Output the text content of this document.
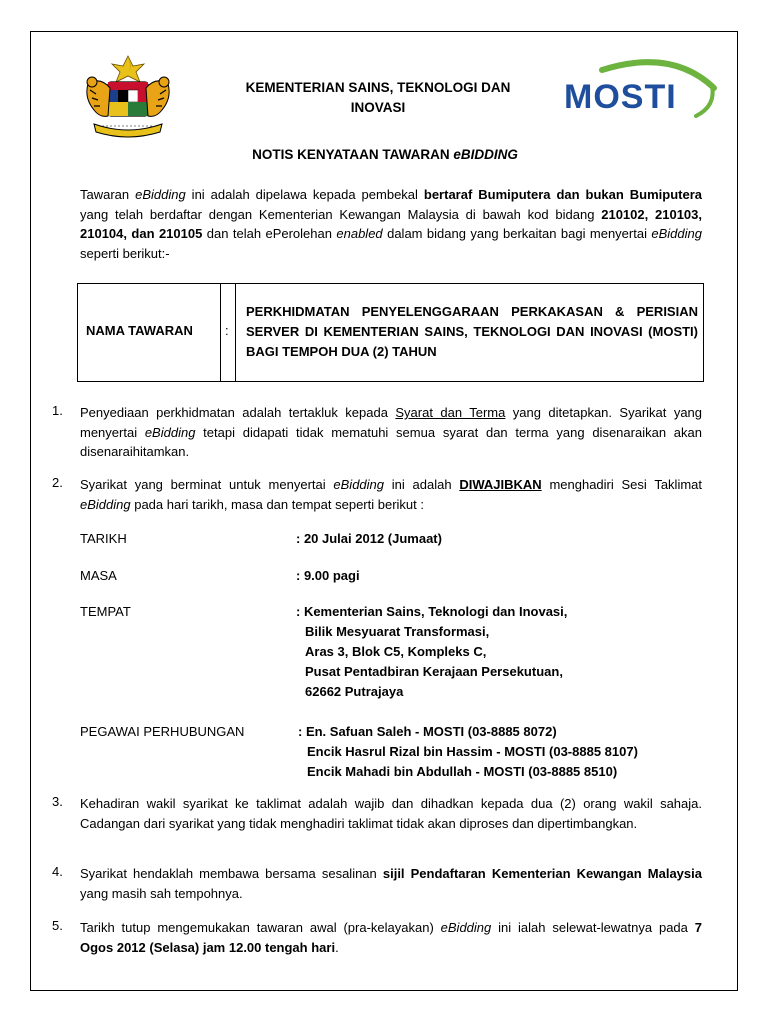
KEMENTERIAN SAINS, TEKNOLOGI DAN
INOVASI	MOSTI
NOTIS KENYATAAN TAWARAN eBIDDING
Tawaran eBidding ini adalah dipelawa kepada pembekal bertaraf Bumiputera dan bukan Bumiputera yang telah berdaftar dengan Kementerian Kewangan Malaysia di bawah kod bidang 210102, 210103, 210104, dan 210105 dan telah ePerolehan enabled dalam bidang yang berkaitan bagi menyertai eBidding seperti berikut:-
NAMA TAWARAN :
PERKHIDMATAN PENYELENGGARAAN PERKAKASAN & PERISIAN SERVER DI KEMENTERIAN SAINS, TEKNOLOGI DAN INOVASI (MOSTI) BAGI TEMPOH DUA (2) TAHUN
1. Penyediaan perkhidmatan adalah tertakluk kepada Syarat dan Terma yang ditetapkan. Syarikat yang menyertai eBidding tetapi didapati tidak mematuhi semua syarat dan terma yang disenaraikan akan disenaraihitamkan.
2. Syarikat yang berminat untuk menyertai eBidding ini adalah DIWAJIBKAN menghadiri Sesi Taklimat eBidding pada hari tarikh, masa dan tempat seperti berikut :
TARIKH	: 20 Julai 2012 (Jumaat)
MASA	: 9.00 pagi
TEMPAT	: Kementerian Sains, Teknologi dan Inovasi,
Bilik Mesyuarat Transformasi,
Aras 3, Blok C5, Kompleks C,
Pusat Pentadbiran Kerajaan Persekutuan,
62662 Putrajaya
PEGAWAI PERHUBUNGAN	: En. Safuan Saleh - MOSTI (03-8885 8072)
Encik Hasrul Rizal bin Hassim - MOSTI (03-8885 8107)
Encik Mahadi bin Abdullah - MOSTI (03-8885 8510)
3. Kehadiran wakil syarikat ke taklimat adalah wajib dan dihadkan kepada dua (2) orang wakil sahaja. Cadangan dari syarikat yang tidak menghadiri taklimat tidak akan diproses dan dipertimbangkan.
4. Syarikat hendaklah membawa bersama sesalinan sijil Pendaftaran Kementerian Kewangan Malaysia yang masih sah tempohnya.
5. Tarikh tutup mengemukakan tawaran awal (pra-kelayakan) eBidding ini ialah selewat-lewatnya pada 7 Ogos 2012 (Selasa) jam 12.00 tengah hari.
